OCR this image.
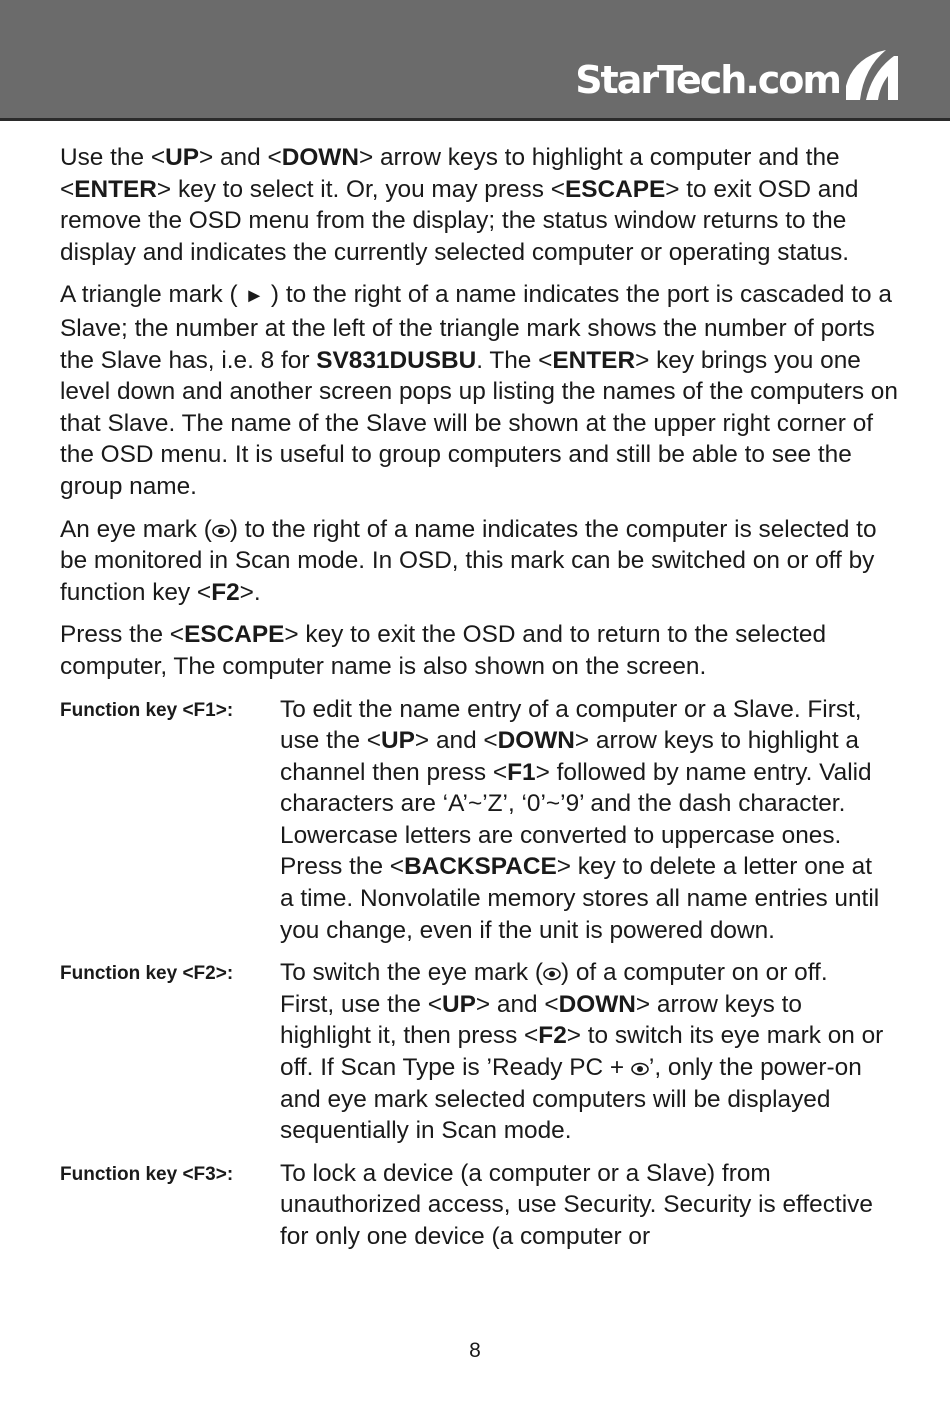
StarTech.com

Use the <UP> and <DOWN> arrow keys to highlight a computer and the <ENTER> key to select it. Or, you may press <ESCAPE> to exit OSD and remove the OSD menu from the display; the status window returns to the display and indicates the currently selected computer or operating status.

A triangle mark ( ► ) to the right of a name indicates the port is cascaded to a Slave; the number at the left of the triangle mark shows the number of ports the Slave has, i.e. 8 for SV831DUSBU. The <ENTER> key brings you one level down and another screen pops up listing the names of the computers on that Slave. The name of the Slave will be shown at the upper right corner of the OSD menu. It is useful to group computers and still be able to see the group name.

An eye mark ( ) to the right of a name indicates the computer is selected to be monitored in Scan mode. In OSD, this mark can be switched on or off by function key <F2>.

Press the <ESCAPE> key to exit the OSD and to return to the selected computer, The computer name is also shown on the screen.

Function key <F1>:	To edit the name entry of a computer or a Slave. First, use the <UP> and <DOWN> arrow keys to highlight a channel then press <F1> followed by name entry. Valid characters are ‘A’~’Z’, ‘0’~’9’ and the dash character. Lowercase letters are converted to uppercase ones. Press the <BACKSPACE> key to delete a letter one at a time. Nonvolatile memory stores all name entries until you change, even if the unit is powered down.
Function key <F2>:	To switch the eye mark ( ) of a computer on or off. First, use the <UP> and <DOWN> arrow keys to highlight it, then press <F2> to switch its eye mark on or off. If Scan Type is ’Ready PC + ’, only the power-on and eye mark selected computers will be displayed sequentially in Scan mode.
Function key <F3>:	To lock a device (a computer or a Slave) from unauthorized access, use Security. Security is effective for only one device (a computer or
8
